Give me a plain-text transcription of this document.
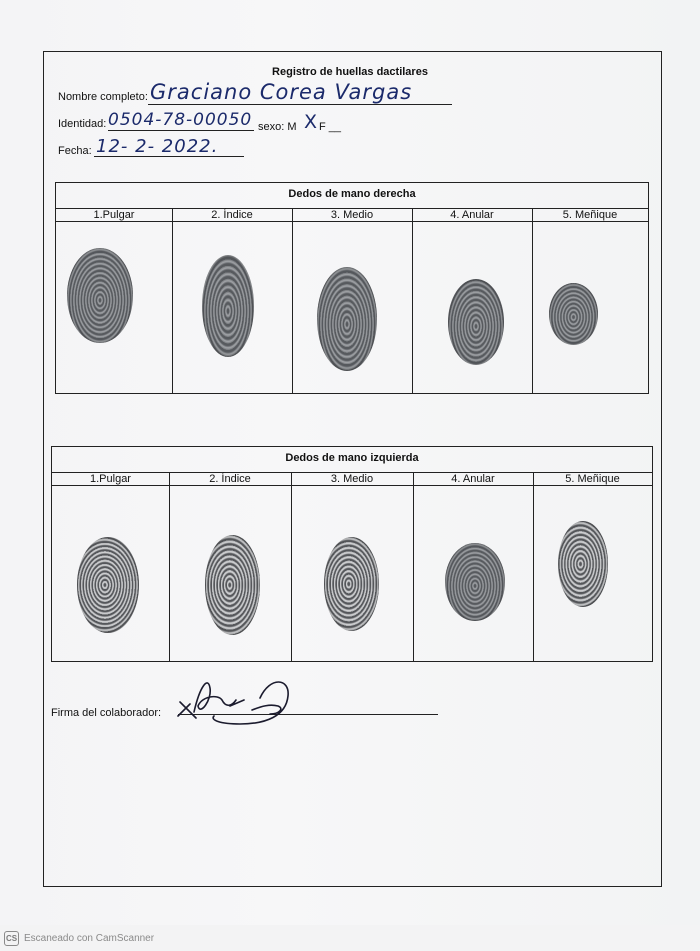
Registro de huellas dactilares
Nombre completo: Graciano Corea Vargas
Identidad: 0504-78-00050 sexo: M X F __
Fecha: 12- 2- 2022.
Dedos de mano derecha
1.Pulgar	2. Índice	3. Medio	4. Anular	5. Meñique
Dedos de mano izquierda
1.Pulgar	2. Índice	3. Medio	4. Anular	5. Meñique
Firma del colaborador:
CS Escaneado con CamScanner
